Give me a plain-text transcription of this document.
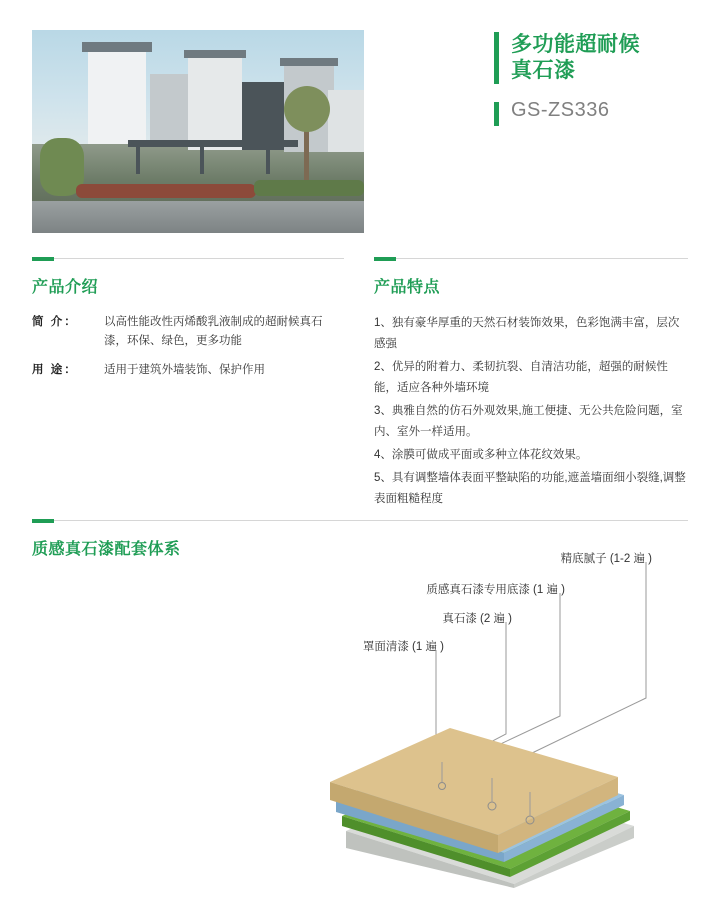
多功能超耐候
真石漆
GS-ZS336
产品介绍
简 介：	以高性能改性丙烯酸乳液制成的超耐候真石漆，环保、绿色，更多功能
用 途：	适用于建筑外墙装饰、保护作用
产品特点
1、独有豪华厚重的天然石材装饰效果，色彩饱满丰富，层次感强
2、优异的附着力、柔韧抗裂、自清洁功能，超强的耐候性能，适应各种外墙环境
3、典雅自然的仿石外观效果,施工便捷、无公共危险问题，室内、室外一样适用。
4、涂膜可做成平面或多种立体花纹效果。
5、具有调整墙体表面平整缺陷的功能,遮盖墙面细小裂缝,调整表面粗糙程度
质感真石漆配套体系
精底腻子 (1-2 遍 )
质感真石漆专用底漆 (1 遍 )
真石漆 (2 遍 )
罩面清漆 (1 遍 )
